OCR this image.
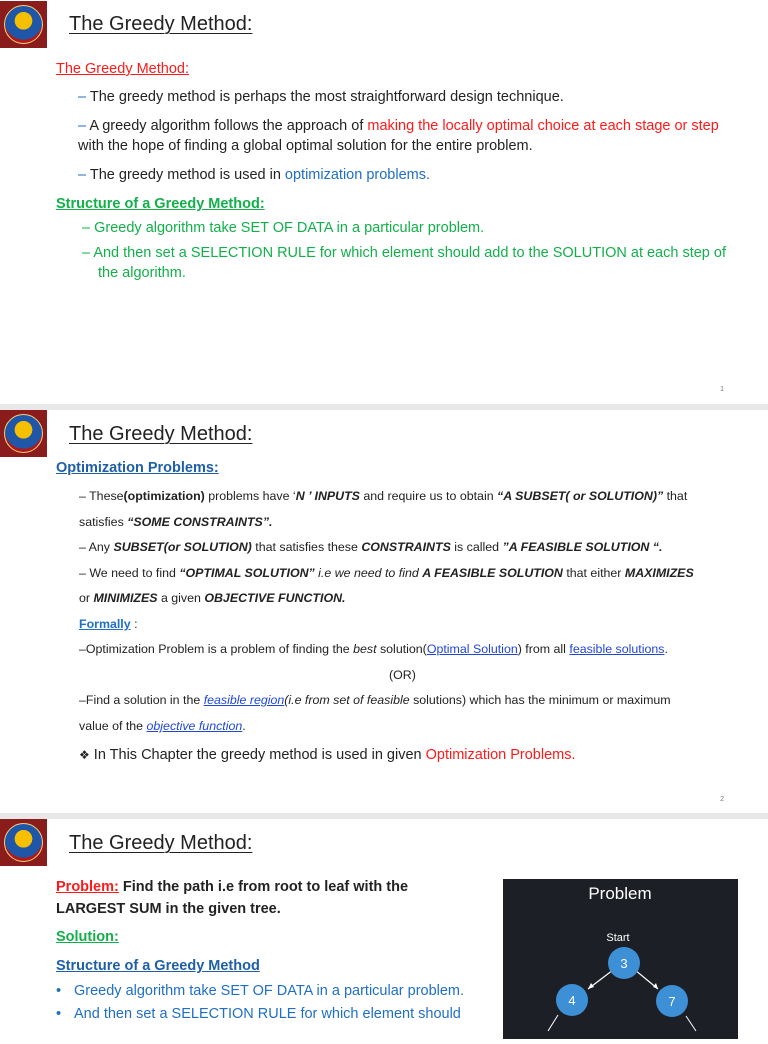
The Greedy Method:

The Greedy Method:

– The greedy method is perhaps the most straightforward design technique.

– A greedy algorithm follows the approach of making the locally optimal choice at each stage or step with the hope of finding a global optimal solution for the entire problem.

– The greedy method is used in optimization problems.

Structure of a Greedy Method:

– Greedy algorithm take SET OF DATA in a particular problem.

– And then set a SELECTION RULE for which element should add to the SOLUTION at each step of the algorithm.

1
The Greedy Method:

Optimization Problems:

– These(optimization) problems have ‘N ’ INPUTS and require us to obtain “A SUBSET( or SOLUTION)” that

satisfies “SOME CONSTRAINTS”.

– Any SUBSET(or SOLUTION) that satisfies these CONSTRAINTS is called ”A FEASIBLE SOLUTION “.

– We need to find “OPTIMAL SOLUTION” i.e we need to find A FEASIBLE SOLUTION that either MAXIMIZES

or MINIMIZES a given OBJECTIVE FUNCTION.

Formally :

–Optimization Problem is a problem of finding the best solution(Optimal Solution) from all feasible solutions.

(OR)

–Find a solution in the feasible region(i.e from set of feasible solutions) which has the minimum or maximum

value of the objective function.

❖ In This Chapter the greedy method is used in given Optimization Problems.

2
The Greedy Method:

Problem: Find the path i.e from root to leaf with the

LARGEST SUM in the given tree.

Solution:

Structure of a Greedy Method

• Greedy algorithm take SET OF DATA in a particular problem.

• And then set a SELECTION RULE for which element should

Problem
Start
3
4	7
